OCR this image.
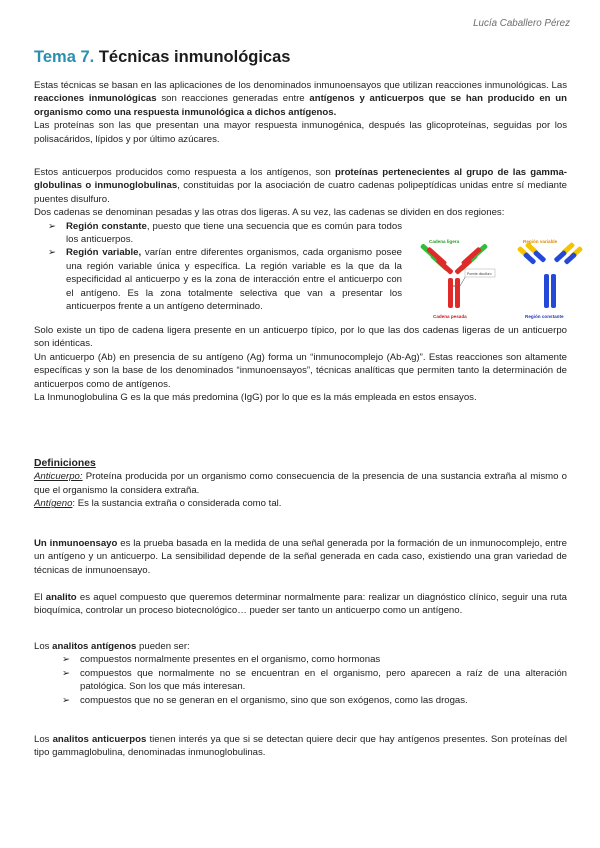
Lucía Caballero Pérez
Tema 7. Técnicas inmunológicas

Estas técnicas se basan en las aplicaciones de los denominados inmunoensayos que utilizan reacciones inmunológicas. Las reacciones inmunológicas son reacciones generadas entre antígenos y anticuerpos que se han producido en un organismo como una respuesta inmunológica a dichos antígenos.

Las proteínas son las que presentan una mayor respuesta inmunogénica, después las glicoproteínas, seguidas por los polisacáridos, lípidos y por último azúcares.

Estos anticuerpos producidos como respuesta a los antígenos, son proteínas pertenecientes al grupo de las gamma-globulinas o inmunoglobulinas, constituidas por la asociación de cuatro cadenas polipeptídicas unidas entre sí mediante puentes disulfuro.

Dos cadenas se denominan pesadas y las otras dos ligeras. A su vez, las cadenas se dividen en dos regiones:

➢ Región constante, puesto que tiene una secuencia que es común para todos los anticuerpos.
➢ Región variable, varían entre diferentes organismos, cada organismo posee una región variable única y específica. La región variable es la que da la especificidad al anticuerpo y es la zona de interacción entre el anticuerpo con el antígeno. Es la zona totalmente selectiva que van a presentar los anticuerpos frente a un antígeno determinado.
Cadena ligera	Región variable
Puente disulfuro
Cadena pesada	Región constante

Solo existe un tipo de cadena ligera presente en un anticuerpo típico, por lo que las dos cadenas ligeras de un anticuerpo son idénticas.

Un anticuerpo (Ab) en presencia de su antígeno (Ag) forma un “inmunocomplejo (Ab-Ag)”. Estas reacciones son altamente específicas y son la base de los denominados “inmunoensayos”, técnicas analíticas que permiten tanto la determinación de anticuerpos como de antígenos.

La Inmunoglobulina G es la que más predomina (IgG) por lo que es la más empleada en estos ensayos.

Definiciones

Anticuerpo: Proteína producida por un organismo como consecuencia de la presencia de una sustancia extraña al mismo o que el organismo la considera extraña.

Antígeno: Es la sustancia extraña o considerada como tal.

Un inmunoensayo es la prueba basada en la medida de una señal generada por la formación de un inmunocomplejo, entre un antígeno y un anticuerpo. La sensibilidad depende de la señal generada en cada caso, existiendo una gran variedad de técnicas de inmunoensayo.

El analito es aquel compuesto que queremos determinar normalmente para: realizar un diagnóstico clínico, seguir una ruta bioquímica, controlar un proceso biotecnológico… pueder ser tanto un anticuerpo como un antígeno.

Los analitos antígenos pueden ser:

➢ compuestos normalmente presentes en el organismo, como hormonas
➢ compuestos que normalmente no se encuentran en el organismo, pero aparecen a raíz de una alteración patológica. Son los que más interesan.
➢ compuestos que no se generan en el organismo, sino que son exógenos, como las drogas.

Los analitos anticuerpos tienen interés ya que si se detectan quiere decir que hay antígenos presentes. Son proteínas del tipo gammaglobulina, denominadas inmunoglobulinas.
